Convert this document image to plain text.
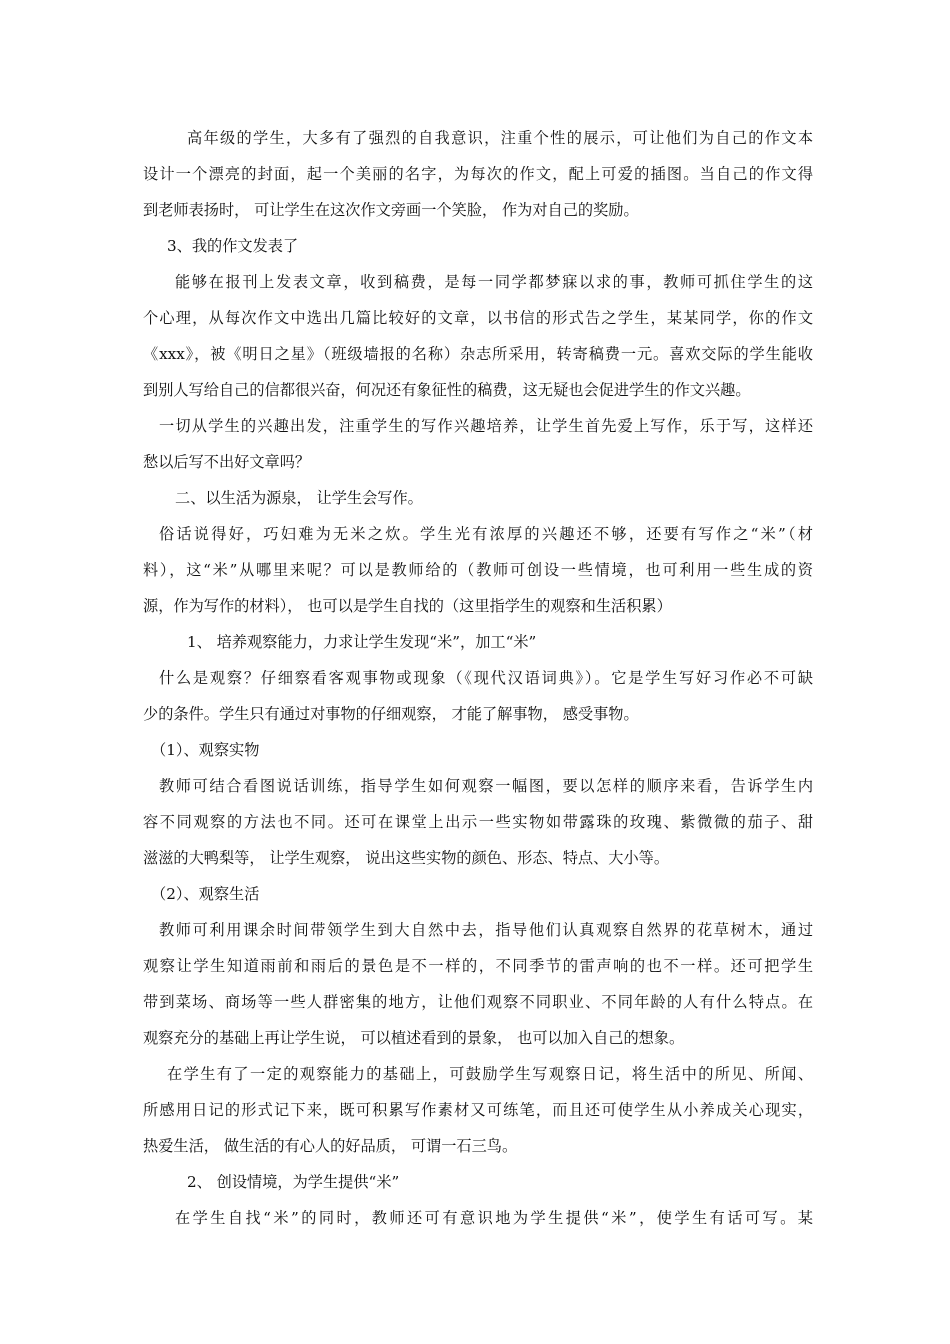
高年级的学生，大多有了强烈的自我意识，注重个性的展示，可让他们为自己的作文本
设计一个漂亮的封面，起一个美丽的名字，为每次的作文，配上可爱的插图。当自己的作文得
到老师表扬时， 可让学生在这次作文旁画一个笑脸， 作为对自己的奖励。
3、我的作文发表了
能够在报刊上发表文章，收到稿费，是每一同学都梦寐以求的事，教师可抓住学生的这
个心理，从每次作文中选出几篇比较好的文章，以书信的形式告之学生，某某同学，你的作文
《xxx》，被《明日之星》（班级墙报的名称）杂志所采用，转寄稿费一元。喜欢交际的学生能收
到别人写给自己的信都很兴奋，何况还有象征性的稿费，这无疑也会促进学生的作文兴趣。
一切从学生的兴趣出发，注重学生的写作兴趣培养，让学生首先爱上写作，乐于写，这样还
愁以后写不出好文章吗？
二、以生活为源泉， 让学生会写作。
俗话说得好，巧妇难为无米之炊。学生光有浓厚的兴趣还不够，还要有写作之“米”（材
料），这“米”从哪里来呢？可以是教师给的（教师可创设一些情境，也可利用一些生成的资
源，作为写作的材料）， 也可以是学生自找的（这里指学生的观察和生活积累）
1、 培养观察能力，力求让学生发现“米”，加工“米”
什么是观察？仔细察看客观事物或现象（《现代汉语词典》）。它是学生写好习作必不可缺
少的条件。学生只有通过对事物的仔细观察， 才能了解事物， 感受事物。
（1）、观察实物
教师可结合看图说话训练，指导学生如何观察一幅图，要以怎样的顺序来看，告诉学生内
容不同观察的方法也不同。还可在课堂上出示一些实物如带露珠的玫瑰、紫微微的茄子、甜
滋滋的大鸭梨等， 让学生观察， 说出这些实物的颜色、形态、特点、大小等。
（2）、观察生活
教师可利用课余时间带领学生到大自然中去，指导他们认真观察自然界的花草树木，通过
观察让学生知道雨前和雨后的景色是不一样的，不同季节的雷声响的也不一样。还可把学生
带到菜场、商场等一些人群密集的地方，让他们观察不同职业、不同年龄的人有什么特点。在
观察充分的基础上再让学生说， 可以植述看到的景象， 也可以加入自己的想象。
在学生有了一定的观察能力的基础上，可鼓励学生写观察日记，将生活中的所见、所闻、
所感用日记的形式记下来，既可积累写作素材又可练笔，而且还可使学生从小养成关心现实，
热爱生活， 做生活的有心人的好品质， 可谓一石三鸟。
2、 创设情境，为学生提供“米”
在学生自找“米”的同时，教师还可有意识地为学生提供“米”，使学生有话可写。某
